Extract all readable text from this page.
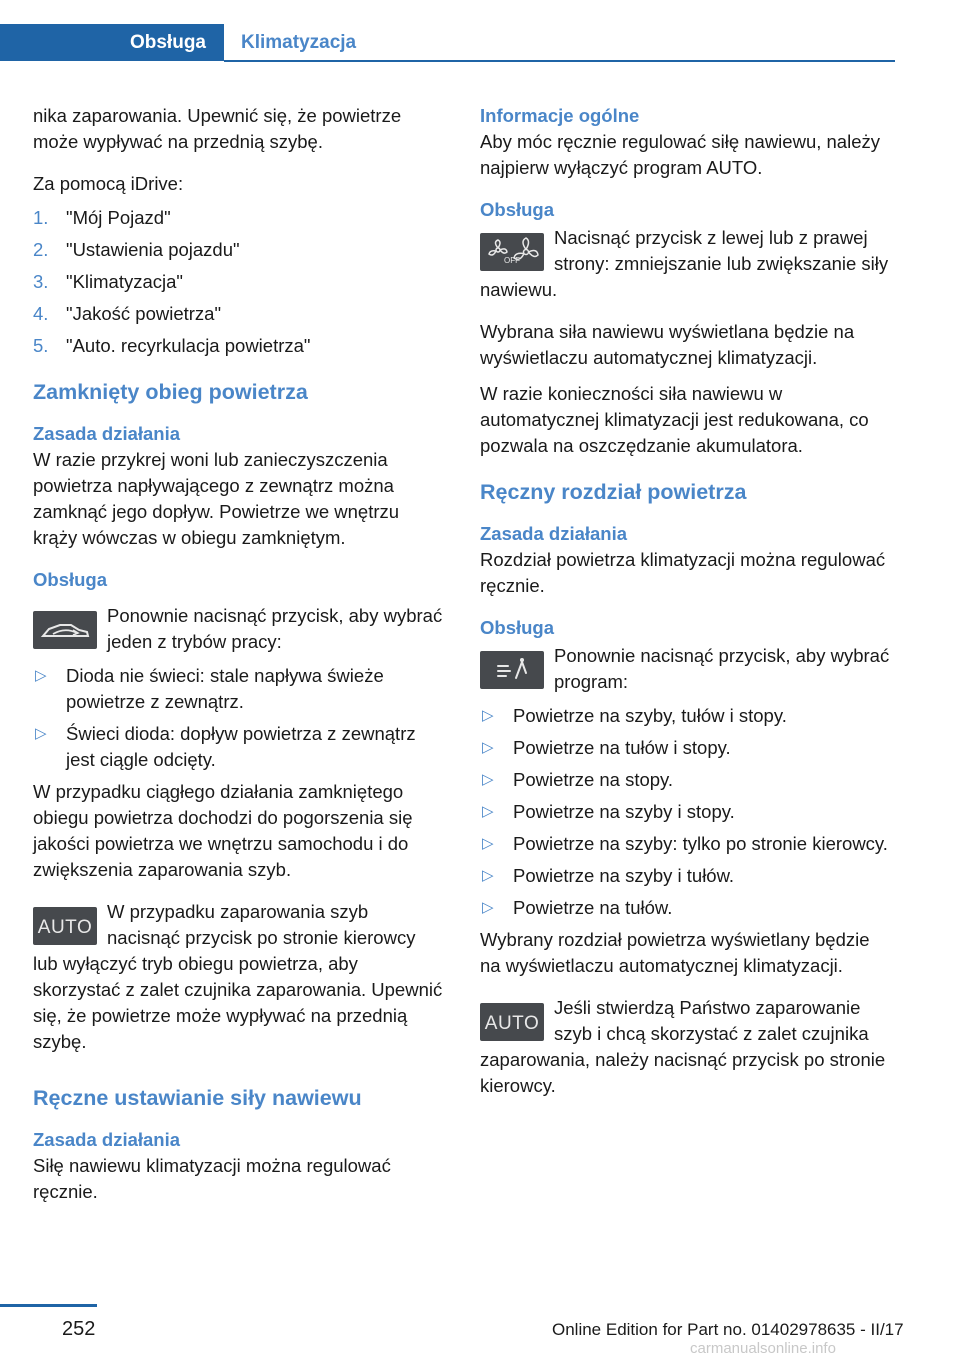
Obsługa Klimatyzacja

nika zaparowania. Upewnić się, że powietrze może wypływać na przednią szybę.

Za pomocą iDrive:

1. "Mój Pojazd"
2. "Ustawienia pojazdu"
3. "Klimatyzacja"
4. "Jakość powietrza"
5. "Auto. recyrkulacja powietrza"
Zamknięty obieg powietrza
Zasada działania

W razie przykrej woni lub zanieczyszczenia powietrza napływającego z zewnątrz można zamknąć jego dopływ. Powietrze we wnętrzu krąży wówczas w obiegu zamkniętym.

Obsługa

Ponownie nacisnąć przycisk, aby wybrać jeden z trybów pracy:

▷ Dioda nie świeci: stale napływa świeże powietrze z zewnątrz.
▷ Świeci dioda: dopływ powietrza z zewnątrz jest ciągle odcięty.

W przypadku ciągłego działania zamkniętego obiegu powietrza dochodzi do pogorszenia się jakości powietrza we wnętrzu samochodu i do zwiększenia zaparowania szyb.

AUTO

W przypadku zaparowania szyb nacisnąć przycisk po stronie kierowcy lub wyłączyć tryb obiegu powietrza, aby skorzystać z zalet czujnika zaparowania. Upewnić się, że powietrze może wypływać na przednią szybę.

Ręczne ustawianie siły nawiewu
Zasada działania

Siłę nawiewu klimatyzacji można regulować ręcznie.

Informacje ogólne

Aby móc ręcznie regulować siłę nawiewu, należy najpierw wyłączyć program AUTO.

Obsługa
OFF

Nacisnąć przycisk z lewej lub z prawej strony: zmniejszanie lub zwiększanie siły nawiewu.

Wybrana siła nawiewu wyświetlana będzie na wyświetlaczu automatycznej klimatyzacji.

W razie konieczności siła nawiewu w automatycznej klimatyzacji jest redukowana, co pozwala na oszczędzanie akumulatora.

Ręczny rozdział powietrza
Zasada działania

Rozdział powietrza klimatyzacji można regulować ręcznie.

Obsługa

Ponownie nacisnąć przycisk, aby wybrać program:

▷ Powietrze na szyby, tułów i stopy.
▷ Powietrze na tułów i stopy.
▷ Powietrze na stopy.
▷ Powietrze na szyby i stopy.
▷ Powietrze na szyby: tylko po stronie kierowcy.
▷ Powietrze na szyby i tułów.
▷ Powietrze na tułów.

Wybrany rozdział powietrza wyświetlany będzie na wyświetlaczu automatycznej klimatyzacji.

AUTO

Jeśli stwierdzą Państwo zaparowanie szyb i chcą skorzystać z zalet czujnika zaparowania, należy nacisnąć przycisk po stronie kierowcy.

252	Online Edition for Part no. 01402978635 - II/17
carmanualsonline.info
